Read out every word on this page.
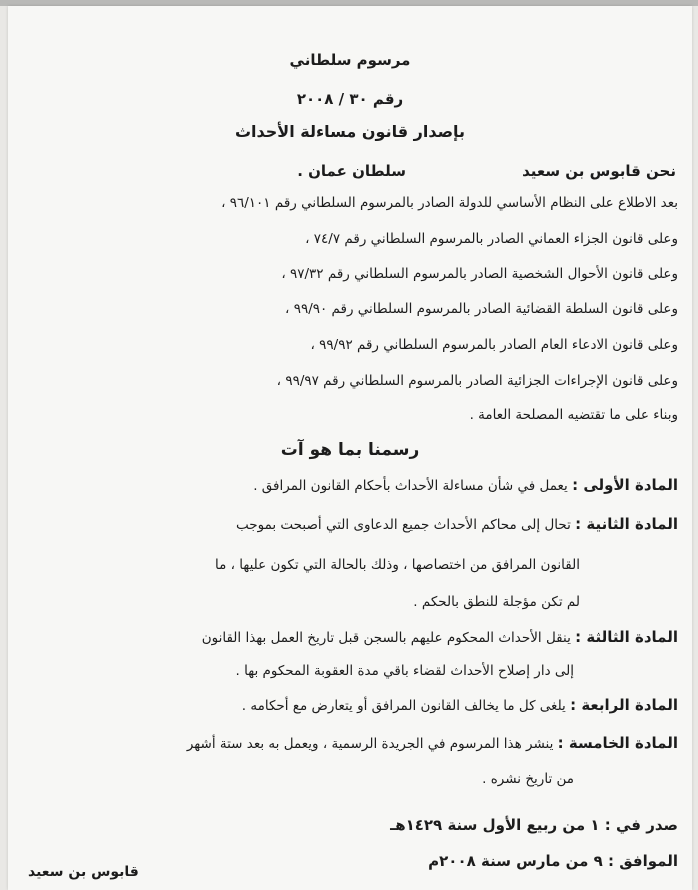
مرسوم سلطاني
رقم ٣٠ / ٢٠٠٨
بإصدار قانون مساءلة الأحداث
نحن قابوس بن سعيد
سلطان عمان .
بعد الاطلاع على النظام الأساسي للدولة الصادر بالمرسوم السلطاني رقم ٩٦/١٠١ ،
وعلى قانون الجزاء العماني الصادر بالمرسوم السلطاني رقم ٧٤/٧ ،
وعلى قانون الأحوال الشخصية الصادر بالمرسوم السلطاني رقم ٩٧/٣٢ ،
وعلى قانون السلطة القضائية الصادر بالمرسوم السلطاني رقم ٩٩/٩٠ ،
وعلى قانون الادعاء العام الصادر بالمرسوم السلطاني رقم ٩٩/٩٢ ،
وعلى قانون الإجراءات الجزائية الصادر بالمرسوم السلطاني رقم ٩٩/٩٧ ،
وبناء على ما تقتضيه المصلحة العامة .
رسمنا بما هو آت
المادة الأولى : يعمل في شأن مساءلة الأحداث بأحكام القانون المرافق .
المادة الثانية : تحال إلى محاكم الأحداث جميع الدعاوى التي أصبحت بموجب
القانون المرافق من اختصاصها ، وذلك بالحالة التي تكون عليها ، ما
لم تكن مؤجلة للنطق بالحكم .
المادة الثالثة : ينقل الأحداث المحكوم عليهم بالسجن قبل تاريخ العمل بهذا القانون
إلى دار إصلاح الأحداث لقضاء باقي مدة العقوبة المحكوم بها .
المادة الرابعة : يلغى كل ما يخالف القانون المرافق أو يتعارض مع أحكامه .
المادة الخامسة : ينشر هذا المرسوم في الجريدة الرسمية ، ويعمل به بعد ستة أشهر
من تاريخ نشره .
صدر في : ١ من ربيع الأول سنة ١٤٢٩هـ
الموافق : ٩ من مارس سنة ٢٠٠٨م
قابوس بن سعيد
